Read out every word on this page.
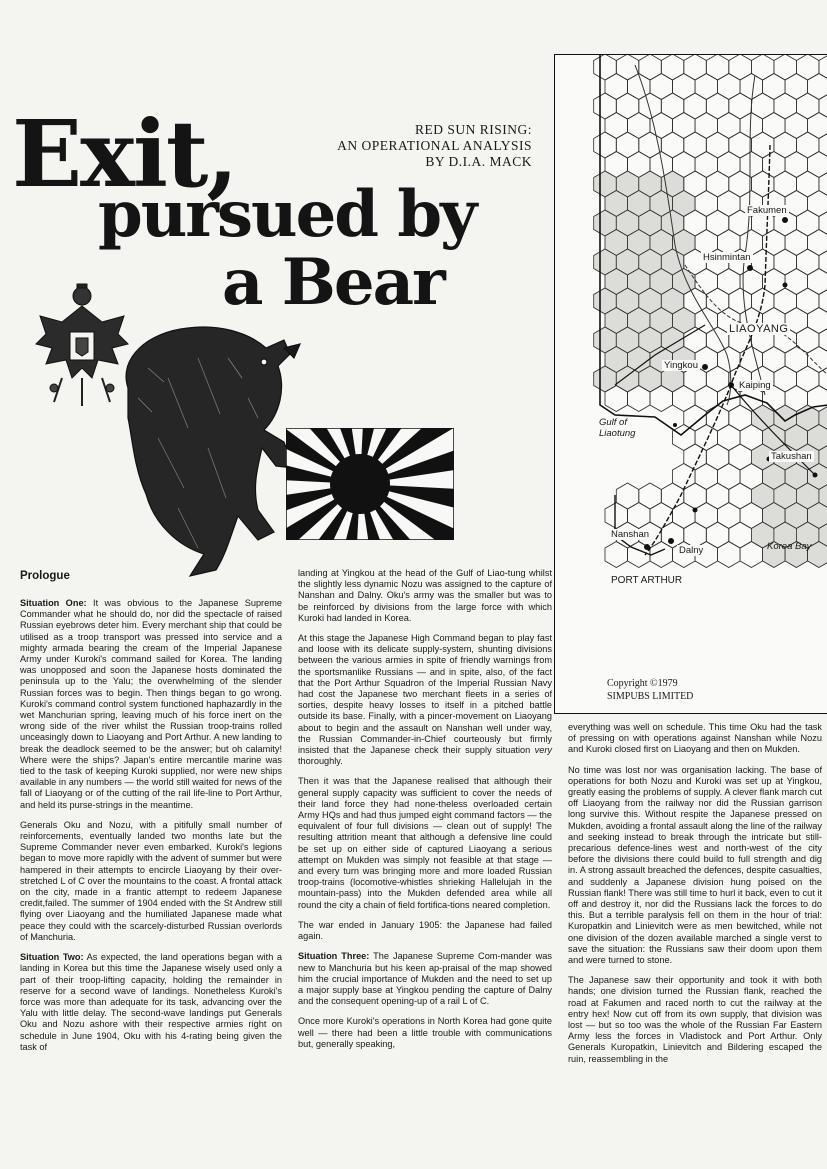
Exit,
pursued by
a Bear
RED SUN RISING:
AN OPERATIONAL ANALYSIS
BY D.I.A. MACK
Fakumen
Hsinmintan
LIAOYANG
Yingkou
Kaiping
Takushan
Nanshan
Dalny
Gulf of
Liaotung
Korea Bay
PORT ARTHUR
Copyright ©1979
SIMPUBS LIMITED
Prologue

Situation One: It was obvious to the Japanese Supreme Commander what he should do, nor did the spectacle of raised Russian eyebrows deter him. Every merchant ship that could be utilised as a troop transport was pressed into service and a mighty armada bearing the cream of the Imperial Japanese Army under Kuroki's command sailed for Korea. The landing was unopposed and soon the Japanese hosts dominated the peninsula up to the Yalu; the overwhelming of the slender Russian forces was to begin. Then things began to go wrong. Kuroki's command control system functioned haphazardly in the wet Manchurian spring, leaving much of his force inert on the wrong side of the river whilst the Russian troop-trains rolled unceasingly down to Liaoyang and Port Arthur. A new landing to break the deadlock seemed to be the answer; but oh calamity! Where were the ships? Japan's entire mercantile marine was tied to the task of keeping Kuroki supplied, nor were new ships available in any numbers — the world still waited for news of the fall of Liaoyang or of the cutting of the rail life-line to Port Arthur, and held its purse-strings in the meantime.

Generals Oku and Nozu, with a pitifully small number of reinforcements, eventually landed two months late but the Supreme Commander never even embarked. Kuroki's legions began to move more rapidly with the advent of summer but were hampered in their attempts to encircle Liaoyang by their over-stretched L of C over the mountains to the coast. A frontal attack on the city, made in a frantic attempt to redeem Japanese credit,failed. The summer of 1904 ended with the St Andrew still flying over Liaoyang and the humiliated Japanese made what peace they could with the scarcely-disturbed Russian overlords of Manchuria.

Situation Two: As expected, the land operations began with a landing in Korea but this time the Japanese wisely used only a part of their troop-lifting capacity, holding the remainder in reserve for a second wave of landings. Nonetheless Kuroki's force was more than adequate for its task, advancing over the Yalu with little delay. The second-wave landings put Generals Oku and Nozu ashore with their respective armies right on schedule in June 1904, Oku with his 4-rating being given the task of

landing at Yingkou at the head of the Gulf of Liao-tung whilst the slightly less dynamic Nozu was assigned to the capture of Nanshan and Dalny. Oku's army was the smaller but was to be reinforced by divisions from the large force with which Kuroki had landed in Korea.

At this stage the Japanese High Command began to play fast and loose with its delicate supply-system, shunting divisions between the various armies in spite of friendly warnings from the sportsmanlike Russians — and in spite, also, of the fact that the Port Arthur Squadron of the Imperial Russian Navy had cost the Japanese two merchant fleets in a series of sorties, despite heavy losses to itself in a pitched battle outside its base. Finally, with a pincer-movement on Liaoyang about to begin and the assault on Nanshan well under way, the Russian Commander-in-Chief courteously but firmly insisted that the Japanese check their supply situation very thoroughly.

Then it was that the Japanese realised that although their general supply capacity was sufficient to cover the needs of their land force they had none-theless overloaded certain Army HQs and had thus jumped eight command factors — the equivalent of four full divisions — clean out of supply! The resulting attrition meant that although a defensive line could be set up on either side of captured Liaoyang a serious attempt on Mukden was simply not feasible at that stage — and every turn was bringing more and more loaded Russian troop-trains (locomotive-whistles shrieking Hallelujah in the mountain-pass) into the Mukden defended area while all round the city a chain of field fortifica-tions neared completion.

The war ended in January 1905: the Japanese had failed again.

Situation Three: The Japanese Supreme Com-mander was new to Manchuria but his keen ap-praisal of the map showed him the crucial importance of Mukden and the need to set up a major supply base at Yingkou pending the capture of Dalny and the consequent opening-up of a rail L of C.

Once more Kuroki's operations in North Korea had gone quite well — there had been a little trouble with communications but, generally speaking,

everything was well on schedule. This time Oku had the task of pressing on with operations against Nanshan while Nozu and Kuroki closed first on Liaoyang and then on Mukden.

No time was lost nor was organisation lacking. The base of operations for both Nozu and Kuroki was set up at Yingkou, greatly easing the problems of supply. A clever flank march cut off Liaoyang from the railway nor did the Russian garrison long survive this. Without respite the Japanese pressed on Mukden, avoiding a frontal assault along the line of the railway and seeking instead to break through the intricate but still-precarious defence-lines west and north-west of the city before the divisions there could build to full strength and dig in. A strong assault breached the defences, despite casualties, and suddenly a Japanese division hung poised on the Russian flank! There was still time to hurl it back, even to cut it off and destroy it, nor did the Russians lack the forces to do this. But a terrible paralysis fell on them in the hour of trial: Kuropatkin and Linievitch were as men bewitched, while not one division of the dozen available marched a single verst to save the situation: the Russians saw their doom upon them and were turned to stone.

The Japanese saw their opportunity and took it with both hands; one division turned the Russian flank, reached the road at Fakumen and raced north to cut the railway at the entry hex! Now cut off from its own supply, that division was lost — but so too was the whole of the Russian Far Eastern Army less the forces in Vladistock and Port Arthur. Only Generals Kuropatkin, Linievitch and Bildering escaped the ruin, reassembling in the
